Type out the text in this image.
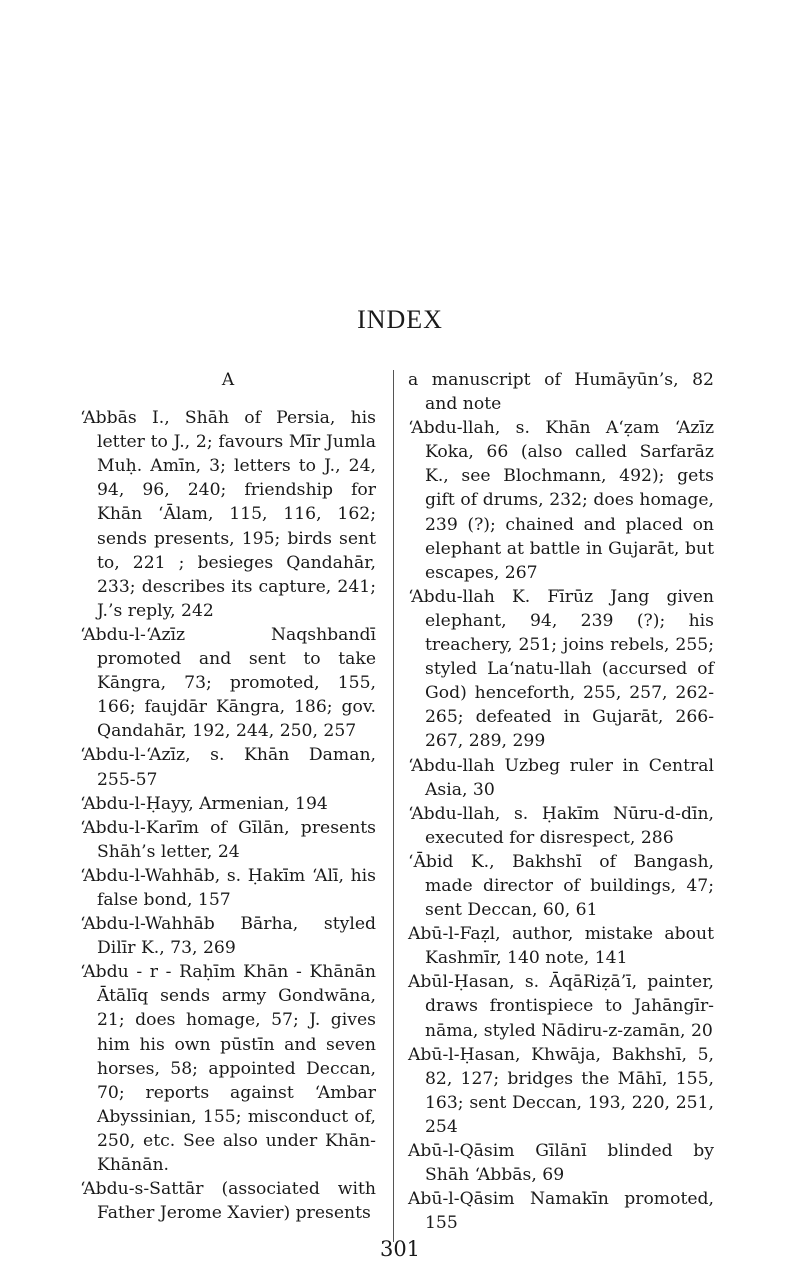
INDEX
A

‘Abbās I., Shāh of Persia, his letter to J., 2; favours Mīr Jumla Muḥ. Amīn, 3; letters to J., 24, 94, 96, 240; friendship for Khān ‘Ālam, 115, 116, 162; sends presents, 195; birds sent to, 221 ; besieges Qandahār, 233; describes its capture, 241; J.’s reply, 242

‘Abdu-l-‘Azīz Naqshbandī promoted and sent to take Kāngra, 73; promoted, 155, 166; faujdār Kāngra, 186; gov. Qandahār, 192, 244, 250, 257

‘Abdu-l-‘Azīz, s. Khān Daman, 255-57

‘Abdu-l-Ḥayy, Armenian, 194

‘Abdu-l-Karīm of Gīlān, presents Shāh’s letter, 24

‘Abdu-l-Wahhāb, s. Ḥakīm ‘Alī, his false bond, 157

‘Abdu-l-Wahhāb Bārha, styled Dilīr K., 73, 269

‘Abdu - r - Raḥīm Khān - Khānān Ātālīq sends army Gondwāna, 21; does homage, 57; J. gives him his own pūstīn and seven horses, 58; appointed Deccan, 70; reports against ‘Ambar Abyssinian, 155; misconduct of, 250, etc. See also under Khān-Khānān.

‘Abdu-s-Sattār (associated with Father Jerome Xavier) presents

a manuscript of Humāyūn’s, 82 and note

‘Abdu-llah, s. Khān A‘ẓam ‘Azīz Koka, 66 (also called Sarfarāz K., see Blochmann, 492); gets gift of drums, 232; does homage, 239 (?); chained and placed on elephant at battle in Gujarāt, but escapes, 267

‘Abdu-llah K. Fīrūz Jang given elephant, 94, 239 (?); his treachery, 251; joins rebels, 255; styled La‘natu-llah (accursed of God) henceforth, 255, 257, 262-265; defeated in Gujarāt, 266-267, 289, 299

‘Abdu-llah Uzbeg ruler in Central Asia, 30

‘Abdu-llah, s. Ḥakīm Nūru-d-dīn, executed for disrespect, 286

‘Ābid K., Bakhshī of Bangash, made director of buildings, 47; sent Deccan, 60, 61

Abū-l-Faẓl, author, mistake about Kashmīr, 140 note, 141

Abūl-Ḥasan, s. ĀqāRiẓā’ī, painter, draws frontispiece to Jahāngīr-nāma, styled Nādiru-z-zamān, 20

Abū-l-Ḥasan, Khwāja, Bakhshī, 5, 82, 127; bridges the Māhī, 155, 163; sent Deccan, 193, 220, 251, 254

Abū-l-Qāsim Gīlānī blinded by Shāh ‘Abbās, 69

Abū-l-Qāsim Namakīn promoted, 155

301
